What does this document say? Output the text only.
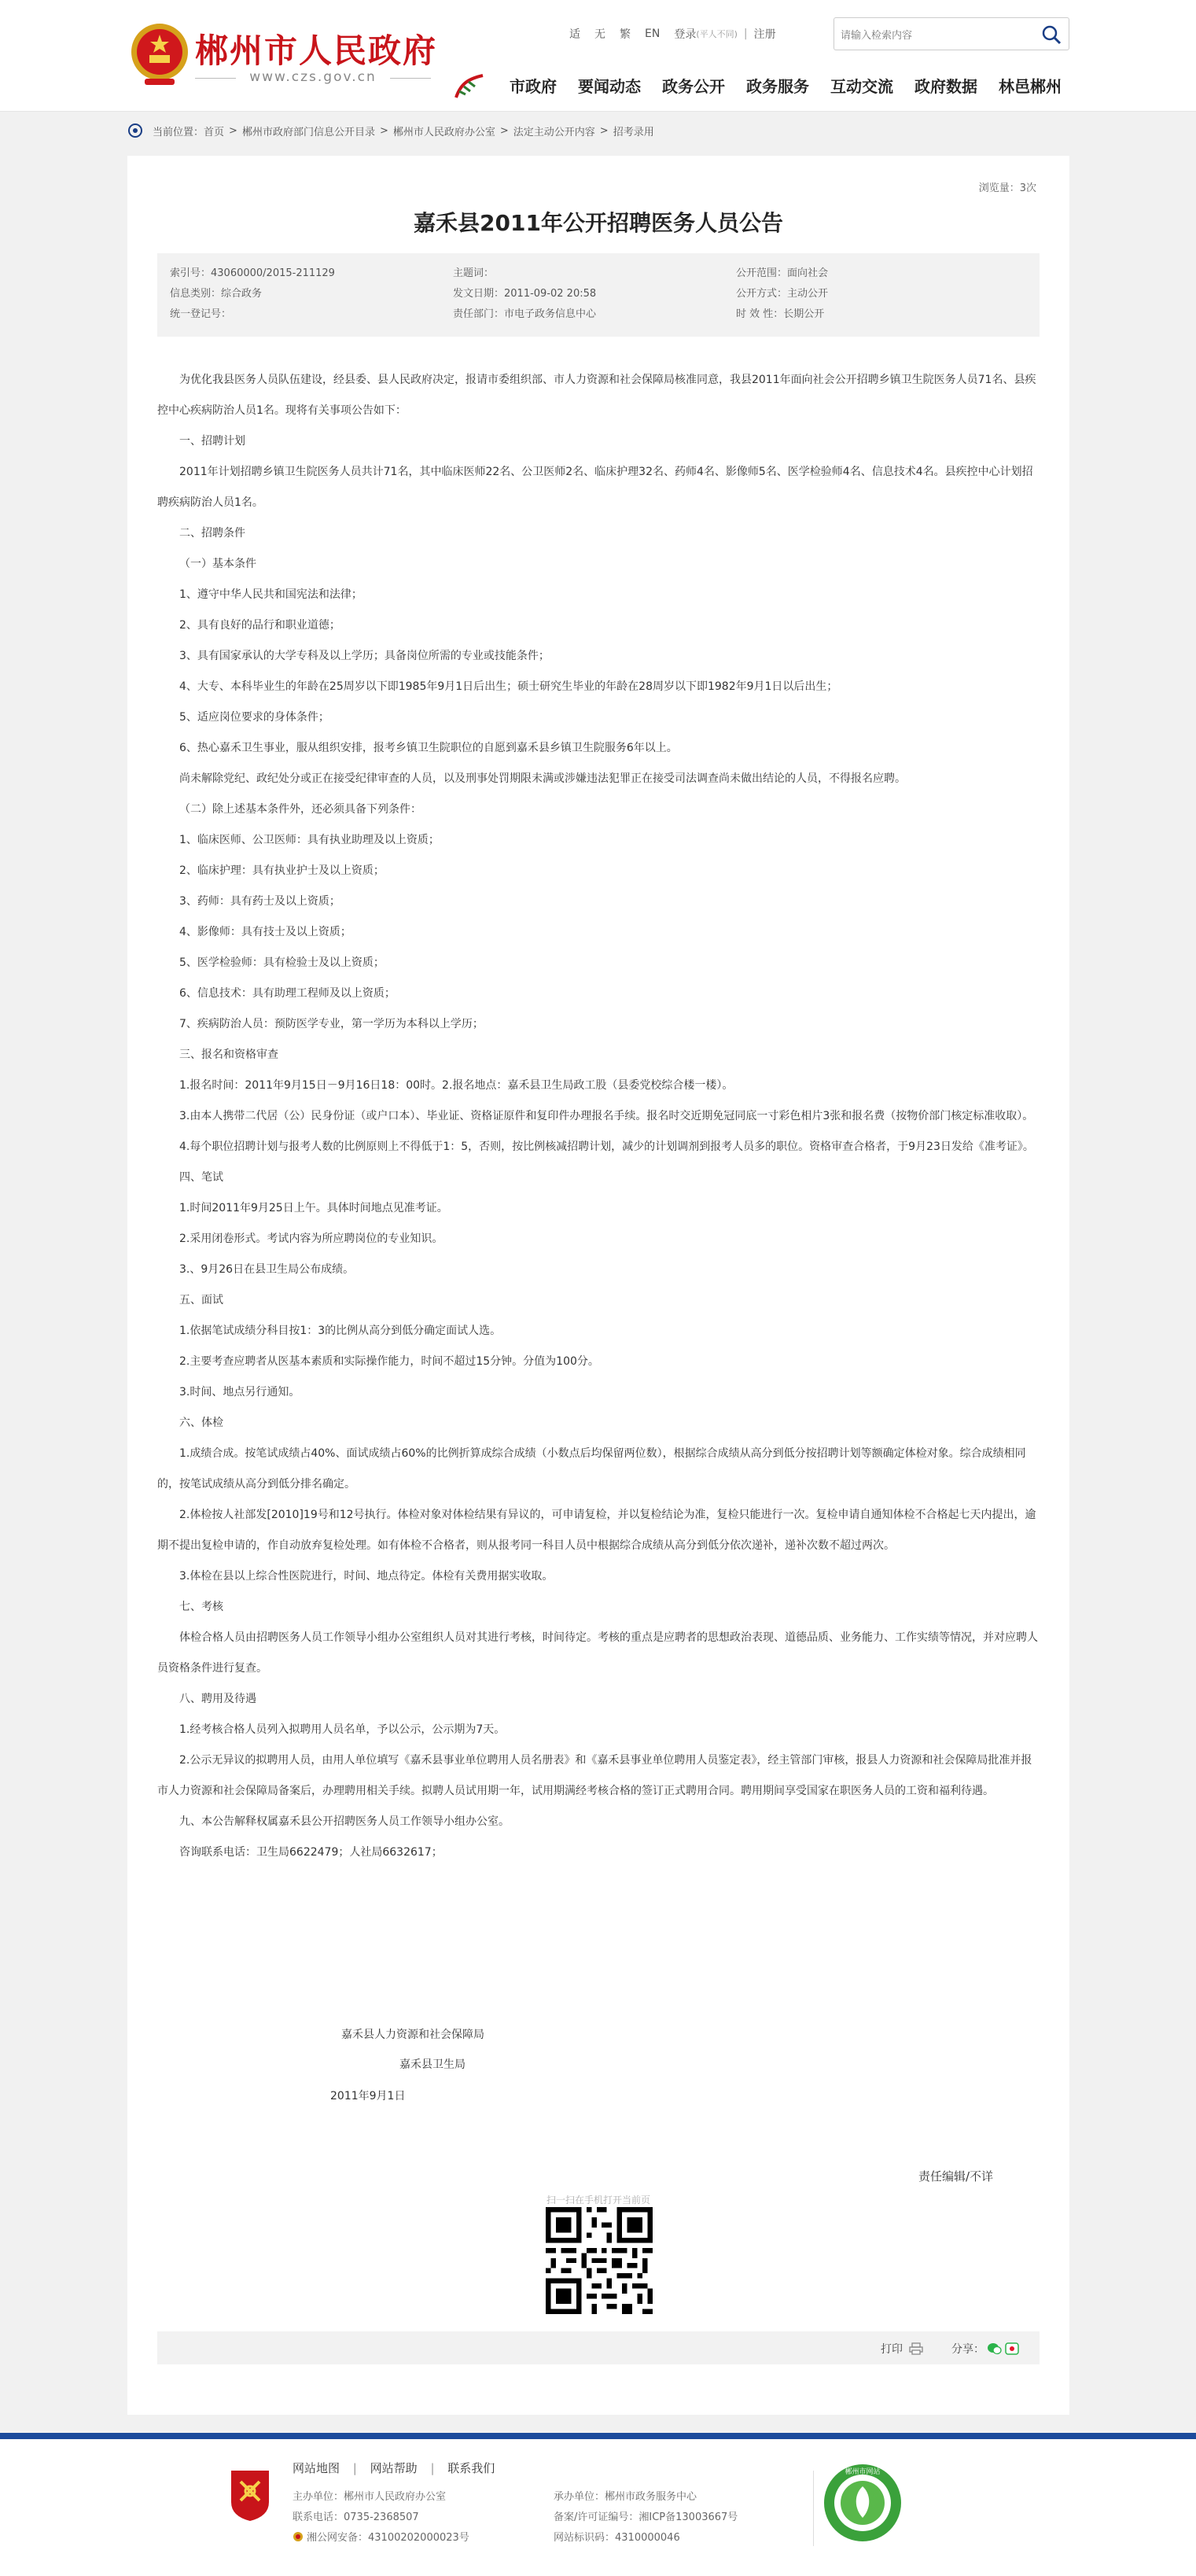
郴州市人民政府
www.czs.gov.cn
适 无 繁 EN 登录 (平人不同) | 注册
请输入检索内容
市政府 要闻动态 政务公开 政务服务 互动交流 政府数据 林邑郴州
当前位置： 首页 > 郴州市政府部门信息公开目录 > 郴州市人民政府办公室 > 法定主动公开内容 > 招考录用
浏览量：3次
嘉禾县2011年公开招聘医务人员公告
索引号：43060000/2015-211129	主题词：	公开范围：面向社会
信息类别：综合政务	发文日期：2011-09-02 20:58	公开方式：主动公开
统一登记号：	责任部门：市电子政务信息中心	时 效 性：长期公开

为优化我县医务人员队伍建设，经县委、县人民政府决定，报请市委组织部、市人力资源和社会保障局核准同意，我县2011年面向社会公开招聘乡镇卫生院医务人员71名、县疾控中心疾病防治人员1名。现将有关事项公告如下：

一、招聘计划

2011年计划招聘乡镇卫生院医务人员共计71名，其中临床医师22名、公卫医师2名、临床护理32名、药师4名、影像师5名、医学检验师4名、信息技术4名。县疾控中心计划招聘疾病防治人员1名。

二、招聘条件

（一）基本条件

1、遵守中华人民共和国宪法和法律；

2、具有良好的品行和职业道德；

3、具有国家承认的大学专科及以上学历；具备岗位所需的专业或技能条件；

4、大专、本科毕业生的年龄在25周岁以下即1985年9月1日后出生；硕士研究生毕业的年龄在28周岁以下即1982年9月1日以后出生；

5、适应岗位要求的身体条件；

6、热心嘉禾卫生事业，服从组织安排，报考乡镇卫生院职位的自愿到嘉禾县乡镇卫生院服务6年以上。

尚未解除党纪、政纪处分或正在接受纪律审查的人员，以及刑事处罚期限未满或涉嫌违法犯罪正在接受司法调查尚未做出结论的人员，不得报名应聘。

（二）除上述基本条件外，还必须具备下列条件：

1、临床医师、公卫医师：具有执业助理及以上资质；

2、临床护理：具有执业护士及以上资质；

3、药师：具有药士及以上资质；

4、影像师：具有技士及以上资质；

5、医学检验师：具有检验士及以上资质；

6、信息技术：具有助理工程师及以上资质；

7、疾病防治人员：预防医学专业，第一学历为本科以上学历；

三、报名和资格审查

1.报名时间：2011年9月15日－9月16日18：00时。2.报名地点：嘉禾县卫生局政工股（县委党校综合楼一楼）。

3.由本人携带二代居（公）民身份证（或户口本）、毕业证、资格证原件和复印件办理报名手续。报名时交近期免冠同底一寸彩色相片3张和报名费（按物价部门核定标准收取）。

4.每个职位招聘计划与报考人数的比例原则上不得低于1：5，否则，按比例核减招聘计划，减少的计划调剂到报考人员多的职位。资格审查合格者，于9月23日发给《准考证》。

四、笔试

1.时间2011年9月25日上午。具体时间地点见准考证。

2.采用闭卷形式。考试内容为所应聘岗位的专业知识。

3.、9月26日在县卫生局公布成绩。

五、面试

1.依据笔试成绩分科目按1：3的比例从高分到低分确定面试人选。

2.主要考查应聘者从医基本素质和实际操作能力，时间不超过15分钟。分值为100分。

3.时间、地点另行通知。

六、体检

1.成绩合成。按笔试成绩占40%、面试成绩占60%的比例折算成综合成绩（小数点后均保留两位数），根据综合成绩从高分到低分按招聘计划等额确定体检对象。综合成绩相同的，按笔试成绩从高分到低分排名确定。

2.体检按人社部发[2010]19号和12号执行。体检对象对体检结果有异议的，可申请复检，并以复检结论为准，复检只能进行一次。复检申请自通知体检不合格起七天内提出，逾期不提出复检申请的，作自动放弃复检处理。如有体检不合格者，则从报考同一科目人员中根据综合成绩从高分到低分依次递补，递补次数不超过两次。

3.体检在县以上综合性医院进行，时间、地点待定。体检有关费用据实收取。

七、考核

体检合格人员由招聘医务人员工作领导小组办公室组织人员对其进行考核，时间待定。考核的重点是应聘者的思想政治表现、道德品质、业务能力、工作实绩等情况，并对应聘人员资格条件进行复查。

八、聘用及待遇

1.经考核合格人员列入拟聘用人员名单，予以公示，公示期为7天。

2.公示无异议的拟聘用人员，由用人单位填写《嘉禾县事业单位聘用人员名册表》和《嘉禾县事业单位聘用人员鉴定表》，经主管部门审核，报县人力资源和社会保障局批准并报市人力资源和社会保障局备案后，办理聘用相关手续。拟聘人员试用期一年，试用期满经考核合格的签订正式聘用合同。聘用期间享受国家在职医务人员的工资和福利待遇。

九、本公告解释权属嘉禾县公开招聘医务人员工作领导小组办公室。

咨询联系电话：卫生局6622479；人社局6632617；

嘉禾县人力资源和社会保障局
嘉禾县卫生局
2011年9月1日
责任编辑/不详
扫一扫在手机打开当前页
打印	分享：
网站地图 | 网站帮助 | 联系我们
主办单位：郴州市人民政府办公室	承办单位：郴州市政务服务中心
联系电话：0735-2368507	备案/许可证编号：湘ICP备13003667号
湘公网安备：43100202000023号	网站标识码：4310000046
郴州市网站
